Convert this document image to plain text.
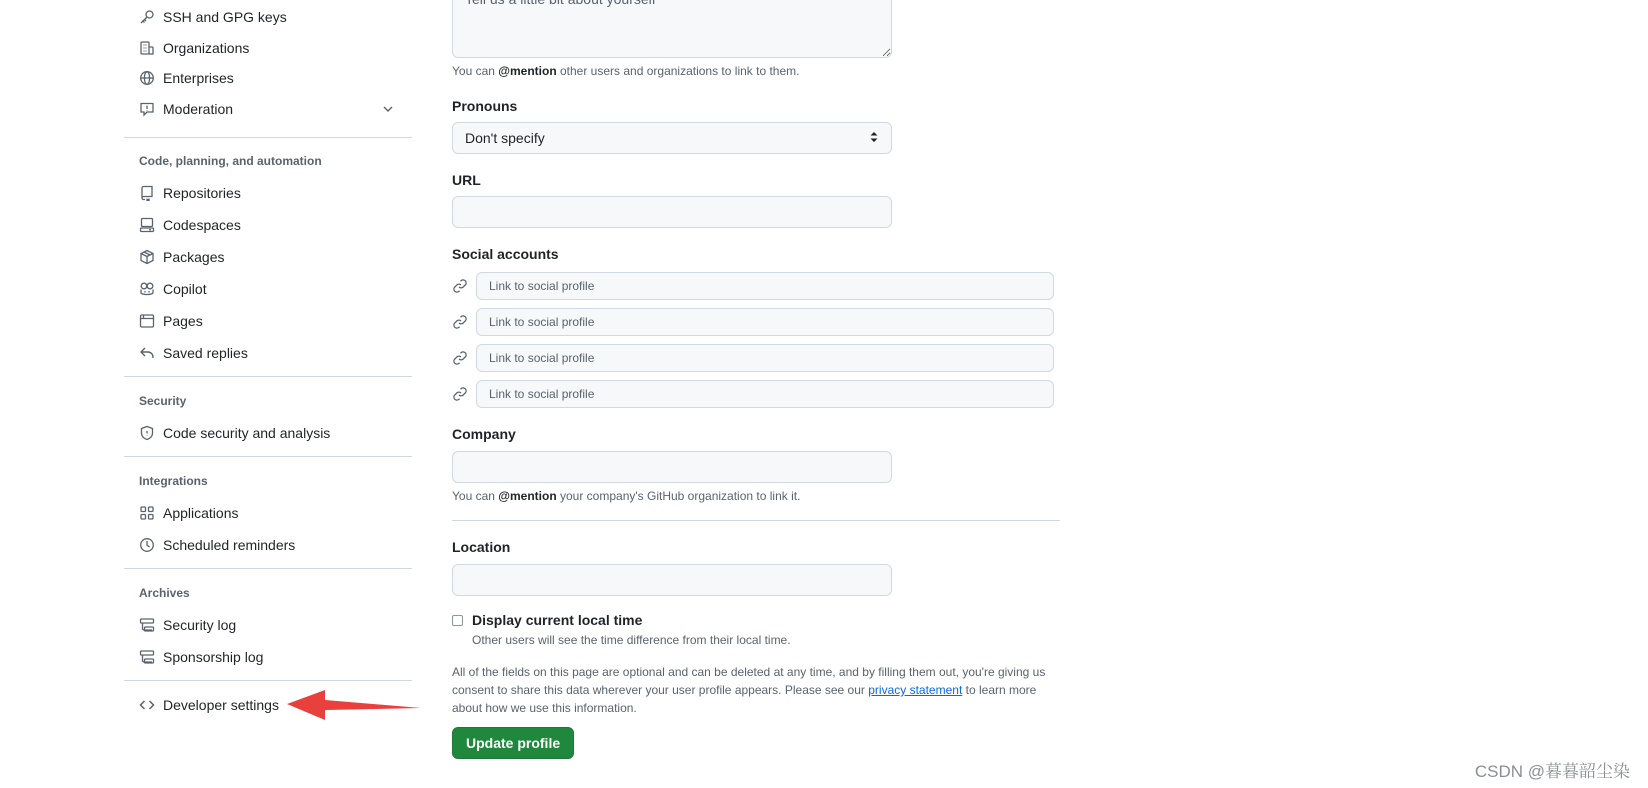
SSH and GPG keys
Organizations
Enterprises
Moderation
Code, planning, and automation
Repositories
Codespaces
Packages
Copilot
Pages
Saved replies
Security
Code security and analysis
Integrations
Applications
Scheduled reminders
Archives
Security log
Sponsorship log
Developer settings
Tell us a little bit about yourself
You can @mention other users and organizations to link to them.
Pronouns
Don't specify
URL
Social accounts
Link to social profile
Link to social profile
Link to social profile
Link to social profile
Company
You can @mention your company's GitHub organization to link it.
Location
Display current local time
Other users will see the time difference from their local time.
All of the fields on this page are optional and can be deleted at any time, and by filling them out, you're giving us consent to share this data wherever your user profile appears. Please see our privacy statement to learn more about how we use this information.
Update profile
CSDN @暮暮韶尘染
